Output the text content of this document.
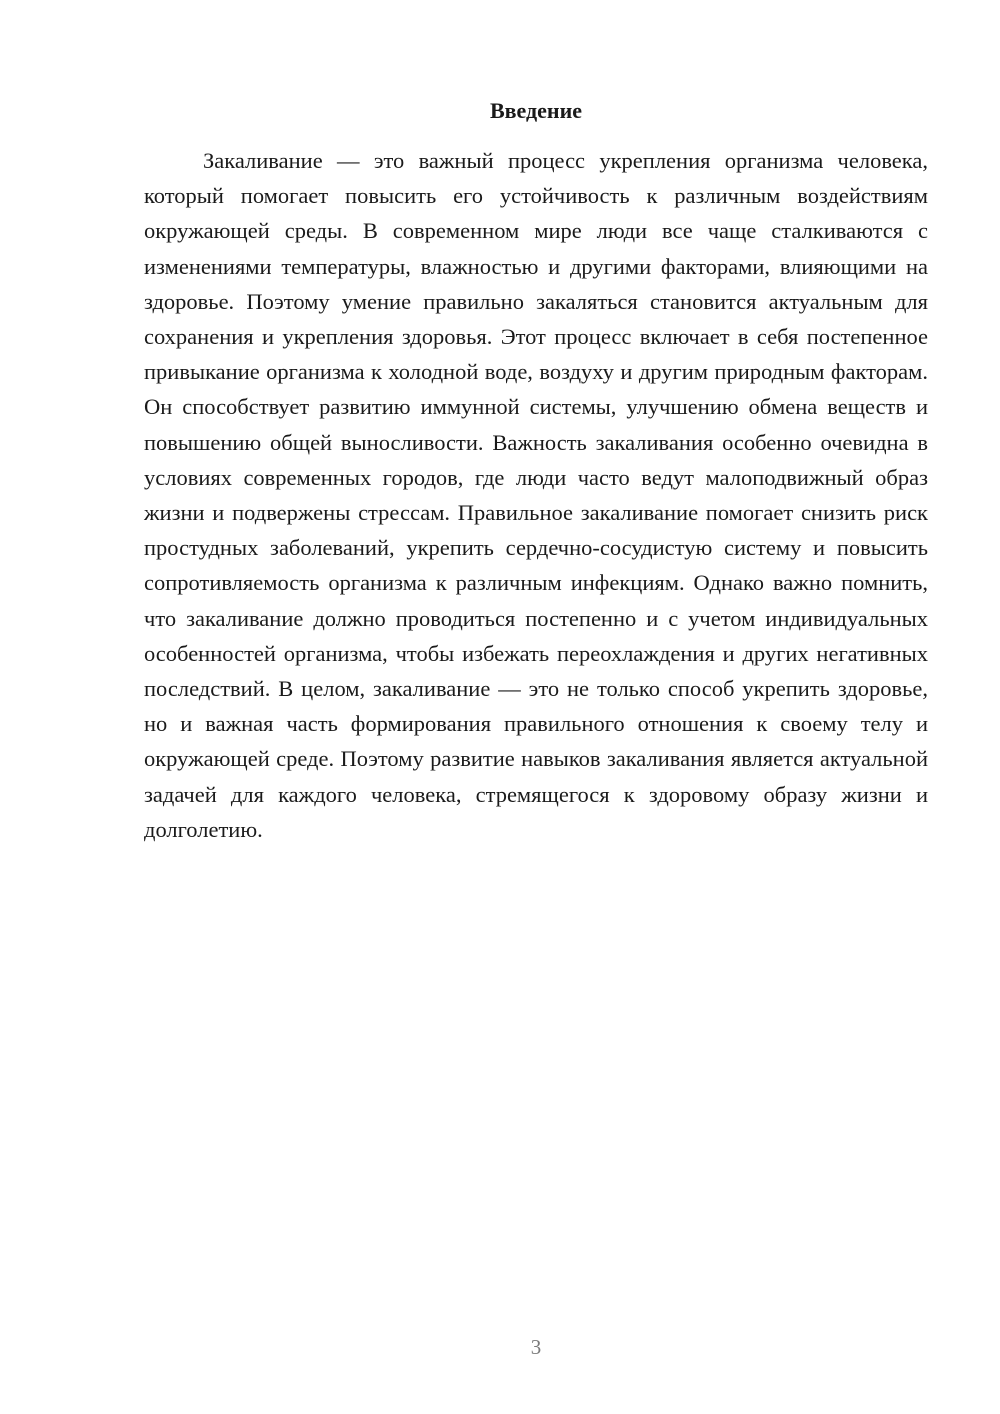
Введение

Закаливание — это важный процесс укрепления организма человека, который помогает повысить его устойчивость к различным воздействиям окружающей среды. В современном мире люди все чаще сталкиваются с изменениями температуры, влажностью и другими факторами, влияющими на здоровье. Поэтому умение правильно закаляться становится актуальным для сохранения и укрепления здоровья. Этот процесс включает в себя постепенное привыкание организма к холодной воде, воздуху и другим природным факторам. Он способствует развитию иммунной системы, улучшению обмена веществ и повышению общей выносливости. Важность закаливания особенно очевидна в условиях современных городов, где люди часто ведут малоподвижный образ жизни и подвержены стрессам. Правильное закаливание помогает снизить риск простудных заболеваний, укрепить сердечно-сосудистую систему и повысить сопротивляемость организма к различным инфекциям. Однако важно помнить, что закаливание должно проводиться постепенно и с учетом индивидуальных особенностей организма, чтобы избежать переохлаждения и других негативных последствий. В целом, закаливание — это не только способ укрепить здоровье, но и важная часть формирования правильного отношения к своему телу и окружающей среде. Поэтому развитие навыков закаливания является актуальной задачей для каждого человека, стремящегося к здоровому образу жизни и долголетию.

3
